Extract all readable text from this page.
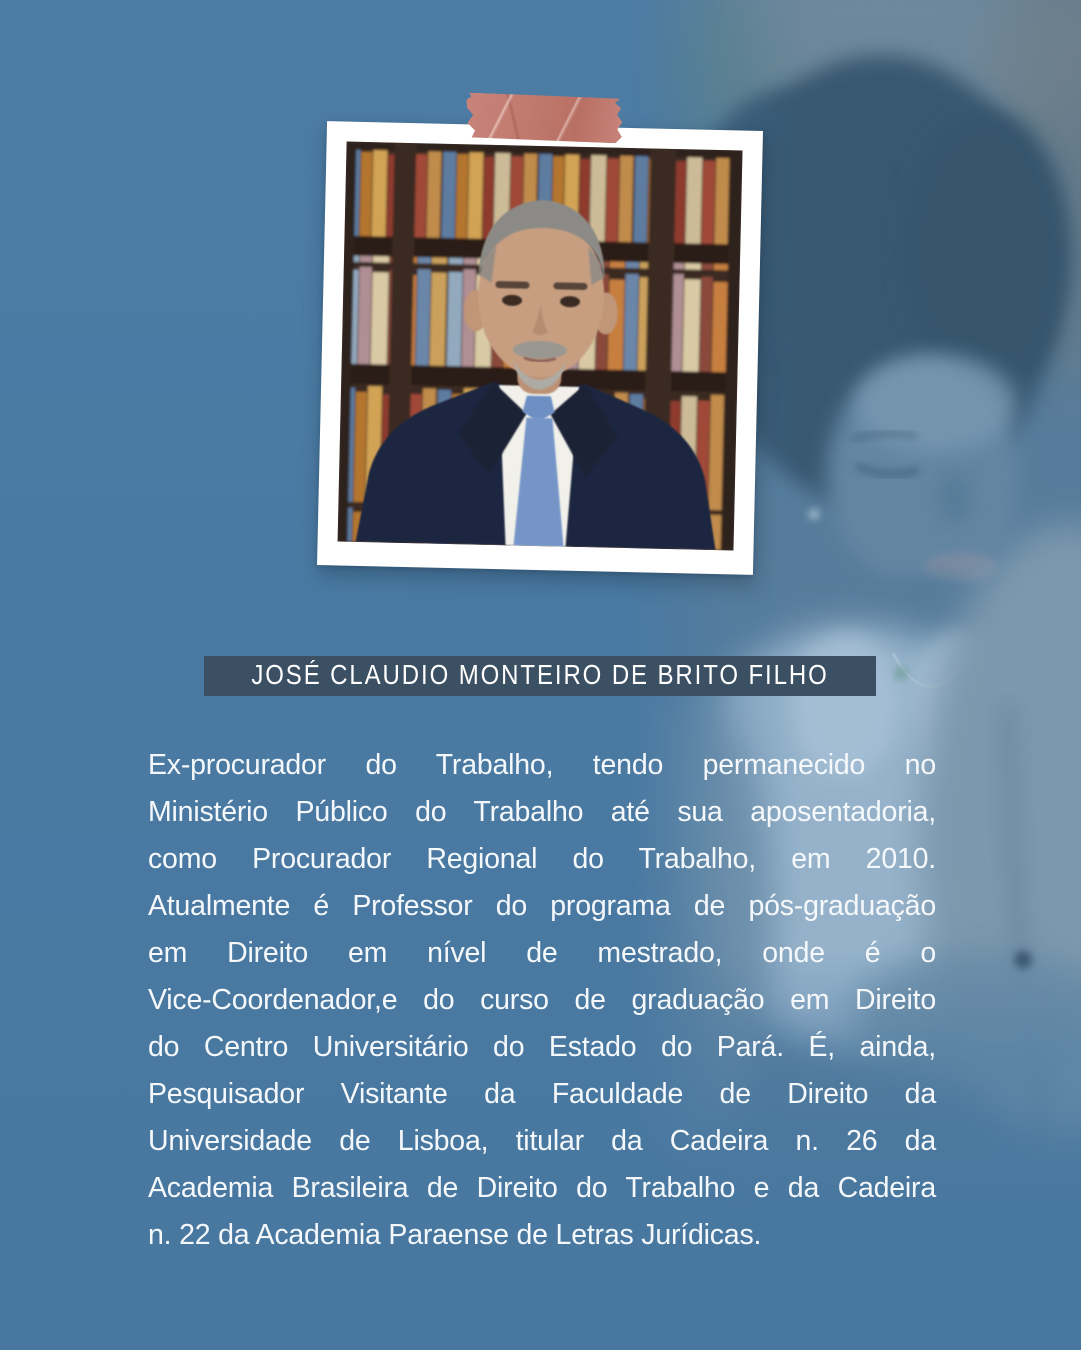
JOSÉ CLAUDIO MONTEIRO DE BRITO FILHO
Ex-procurador do Trabalho, tendo permanecido no
Ministério Público do Trabalho até sua aposentadoria,
como Procurador Regional do Trabalho, em 2010.
Atualmente é Professor do programa de pós-graduação
em Direito em nível de mestrado, onde é o
Vice-Coordenador,e do curso de graduação em Direito
do Centro Universitário do Estado do Pará. É, ainda,
Pesquisador Visitante da Faculdade de Direito da
Universidade de Lisboa, titular da Cadeira n. 26 da
Academia Brasileira de Direito do Trabalho e da Cadeira
n. 22 da Academia Paraense de Letras Jurídicas.
